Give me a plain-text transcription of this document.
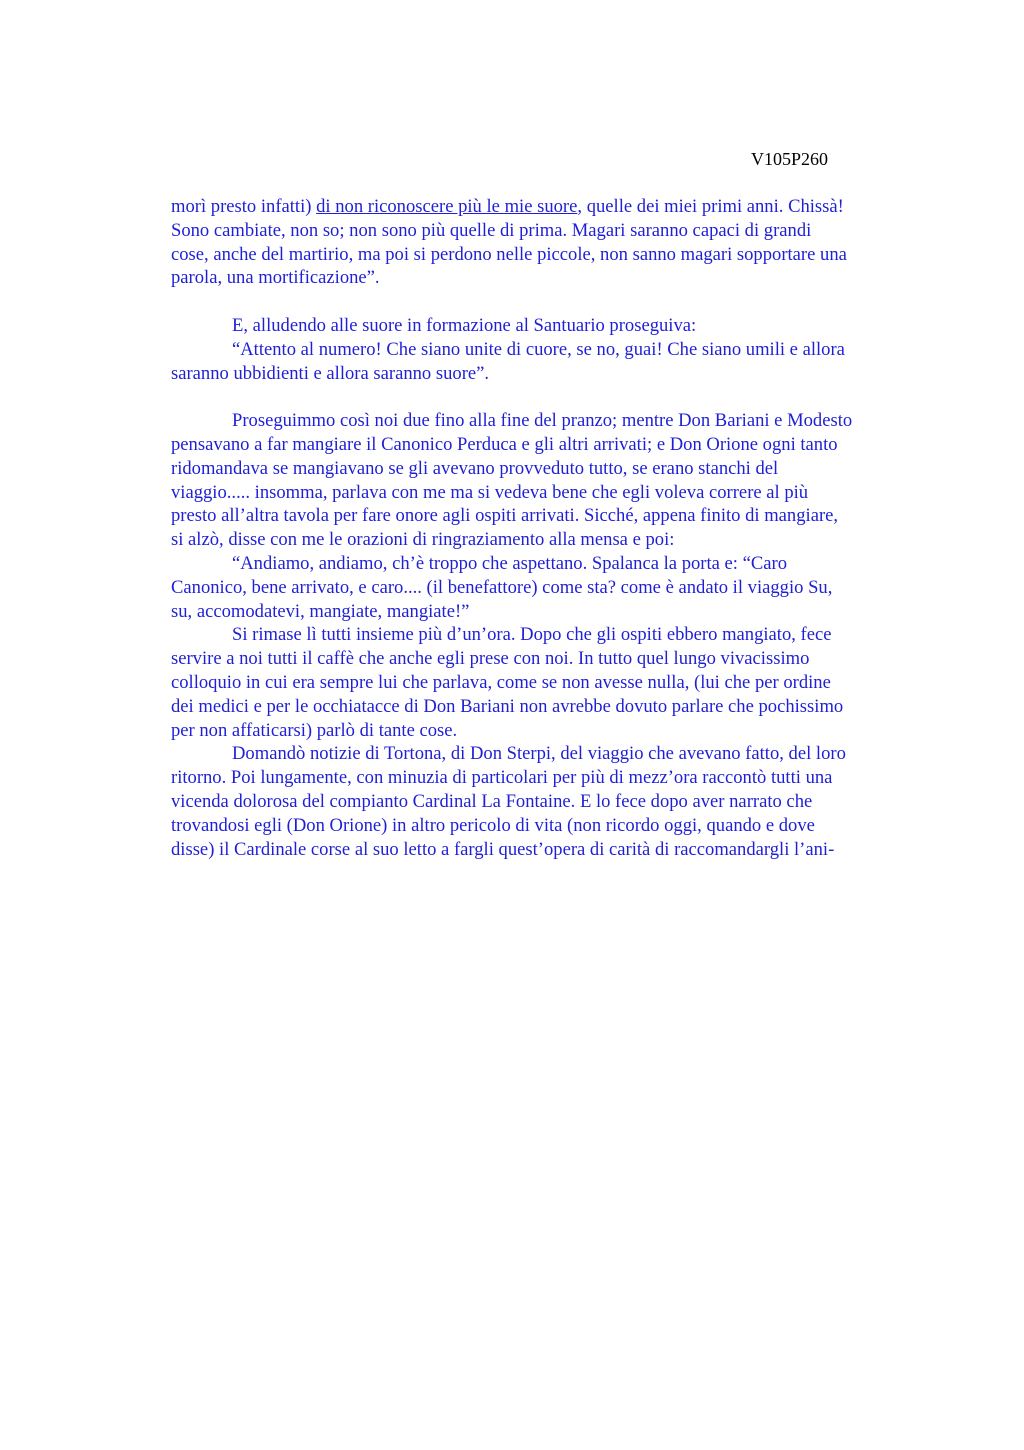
V105P260
morì presto infatti) di non riconoscere più le mie suore, quelle dei miei primi anni. Chissà!
Sono cambiate, non so; non sono più quelle di prima. Magari saranno capaci di grandi
cose, anche del martirio, ma poi si perdono nelle piccole, non sanno magari sopportare una
parola, una mortificazione”.
E, alludendo alle suore in formazione al Santuario proseguiva:
“Attento al numero! Che siano unite di cuore, se no, guai! Che siano umili e allora
saranno ubbidienti e allora saranno suore”.
Proseguimmo così noi due fino alla fine del pranzo; mentre Don Bariani e Modesto
pensavano a far mangiare il Canonico Perduca e gli altri arrivati; e Don Orione ogni tanto
ridomandava se mangiavano se gli avevano provveduto tutto, se erano stanchi del
viaggio..... insomma, parlava con me ma si vedeva bene che egli voleva correre al più
presto all’altra tavola per fare onore agli ospiti arrivati. Sicché, appena finito di mangiare,
si alzò, disse con me le orazioni di ringraziamento alla mensa e poi:
“Andiamo, andiamo, ch’è troppo che aspettano. Spalanca la porta e: “Caro
Canonico, bene arrivato, e caro.... (il benefattore) come sta? come è andato il viaggio Su,
su, accomodatevi, mangiate, mangiate!”
Si rimase lì tutti insieme più d’un’ora. Dopo che gli ospiti ebbero mangiato, fece
servire a noi tutti il caffè che anche egli prese con noi. In tutto quel lungo vivacissimo
colloquio in cui era sempre lui che parlava, come se non avesse nulla, (lui che per ordine
dei medici e per le occhiatacce di Don Bariani non avrebbe dovuto parlare che pochissimo
per non affaticarsi) parlò di tante cose.
Domandò notizie di Tortona, di Don Sterpi, del viaggio che avevano fatto, del loro
ritorno. Poi lungamente, con minuzia di particolari per più di mezz’ora raccontò tutti una
vicenda dolorosa del compianto Cardinal La Fontaine. E lo fece dopo aver narrato che
trovandosi egli (Don Orione) in altro pericolo di vita (non ricordo oggi, quando e dove
disse) il Cardinale corse al suo letto a fargli quest’opera di carità di raccomandargli l’ani-
